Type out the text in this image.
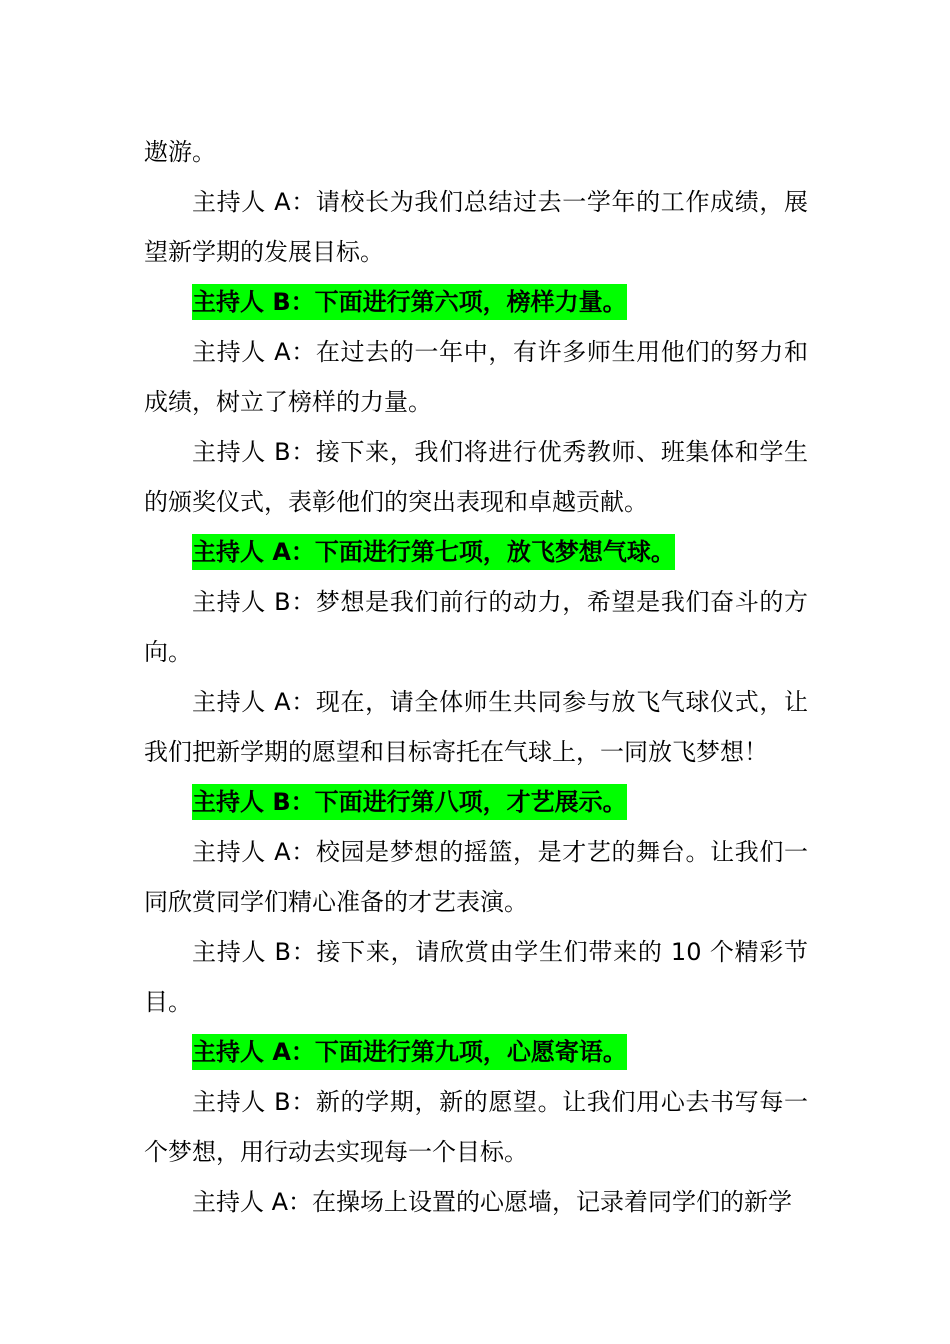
遨游。

主持人 A：请校长为我们总结过去一学年的工作成绩，展望新学期的发展目标。

主持人 B：下面进行第六项，榜样力量。

主持人 A：在过去的一年中，有许多师生用他们的努力和成绩，树立了榜样的力量。

主持人 B：接下来，我们将进行优秀教师、班集体和学生的颁奖仪式，表彰他们的突出表现和卓越贡献。

主持人 A：下面进行第七项，放飞梦想气球。

主持人 B：梦想是我们前行的动力，希望是我们奋斗的方向。

主持人 A：现在，请全体师生共同参与放飞气球仪式，让我们把新学期的愿望和目标寄托在气球上，一同放飞梦想！

主持人 B：下面进行第八项，才艺展示。

主持人 A：校园是梦想的摇篮，是才艺的舞台。让我们一同欣赏同学们精心准备的才艺表演。

主持人 B：接下来，请欣赏由学生们带来的 10 个精彩节目。

主持人 A：下面进行第九项，心愿寄语。

主持人 B：新的学期，新的愿望。让我们用心去书写每一个梦想，用行动去实现每一个目标。

主持人 A：在操场上设置的心愿墙，记录着同学们的新学
